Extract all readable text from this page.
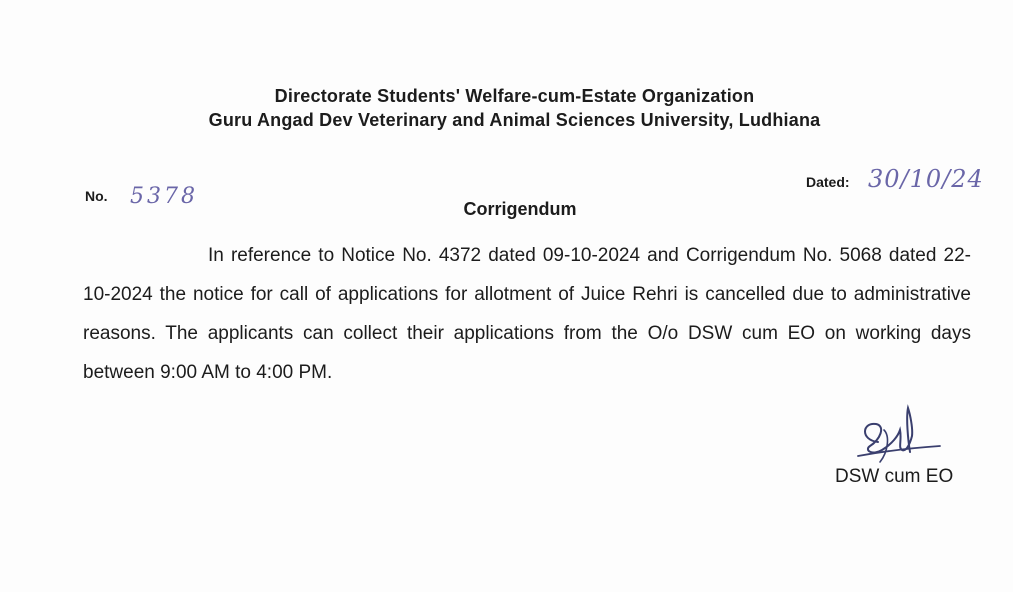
Directorate Students' Welfare-cum-Estate Organization
Guru Angad Dev Veterinary and Animal Sciences University, Ludhiana
No. 5378
Dated: 30/10/24
Corrigendum

In reference to Notice No. 4372 dated 09-10-2024 and Corrigendum No. 5068 dated 22-10-2024 the notice for call of applications for allotment of Juice Rehri is cancelled due to administrative reasons. The applicants can collect their applications from the O/o DSW cum EO on working days between 9:00 AM to 4:00 PM.

DSW cum EO
